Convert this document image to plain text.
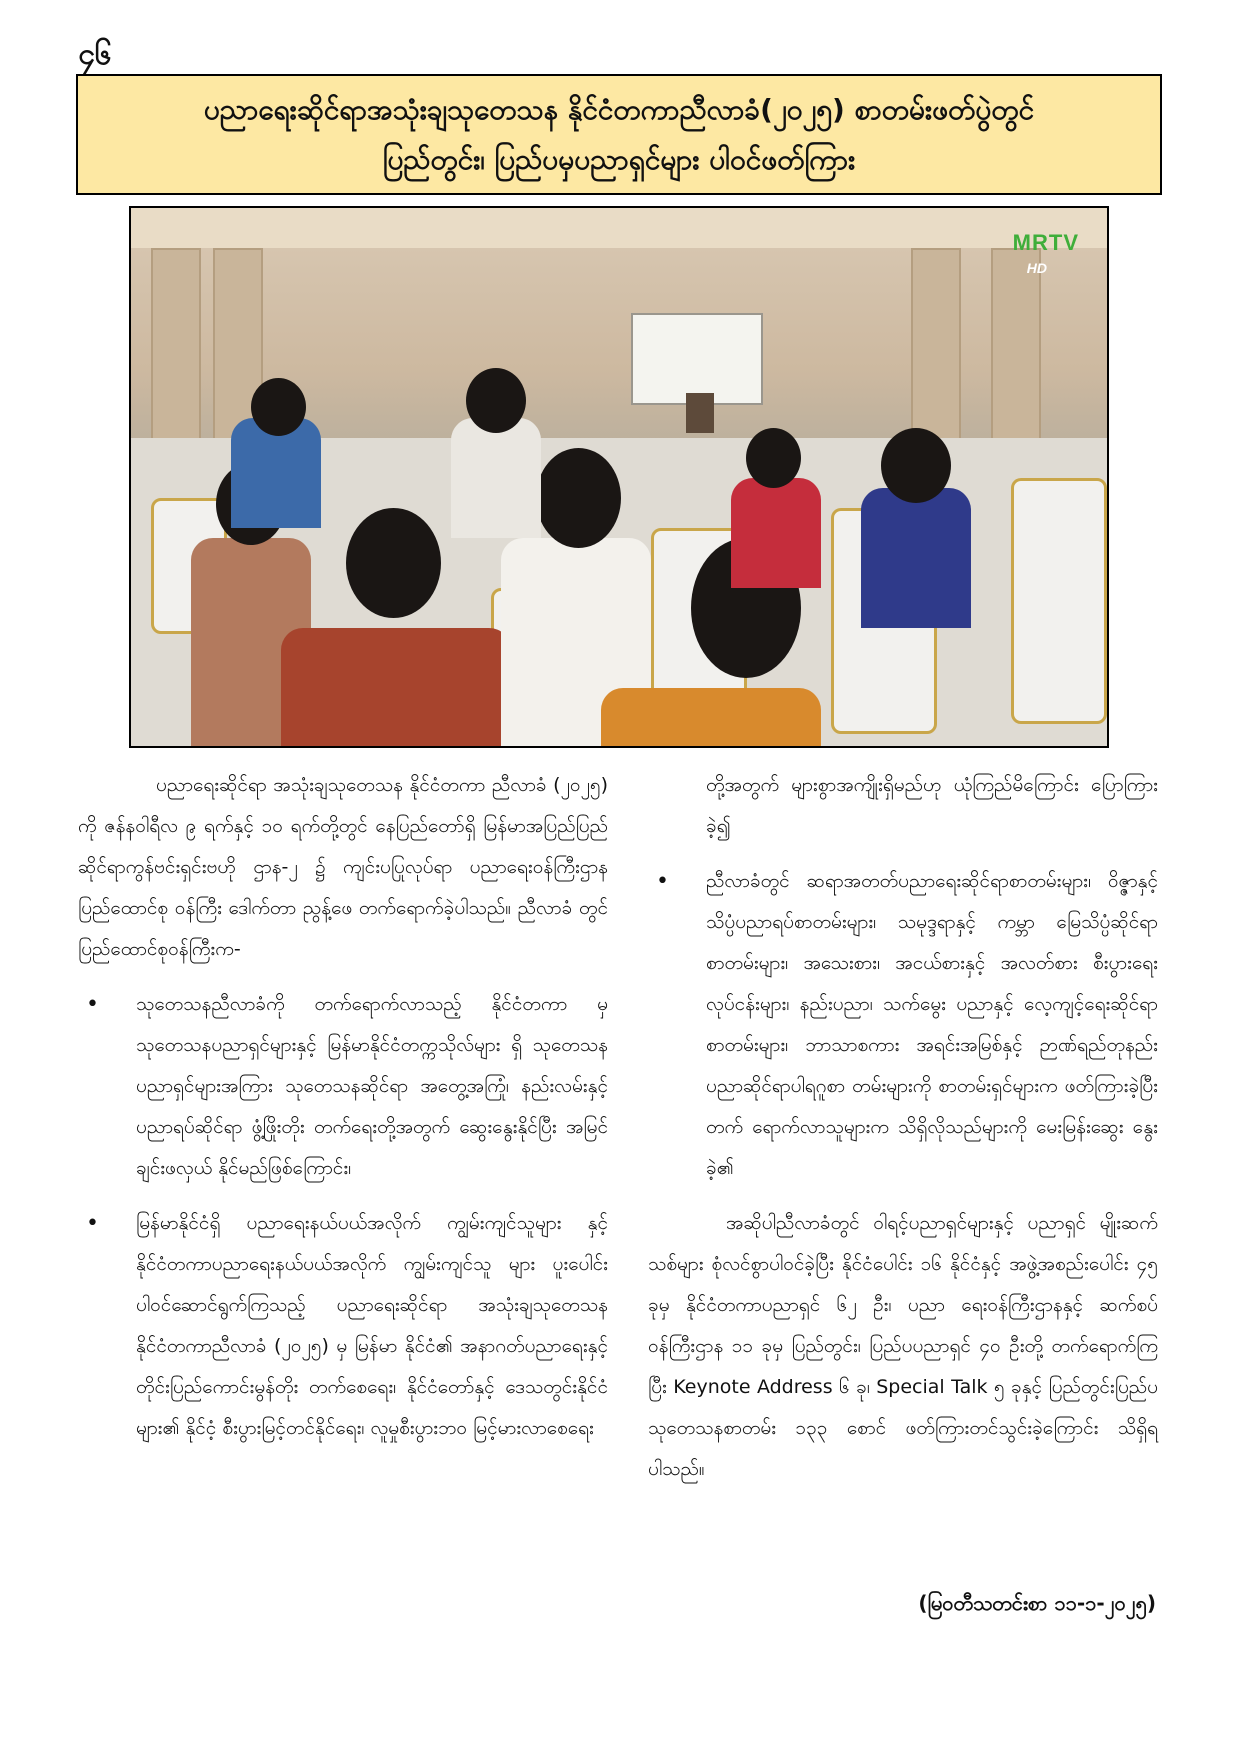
၄၆
ပညာရေးဆိုင်ရာအသုံးချသုတေသန နိုင်ငံတကာညီလာခံ(၂၀၂၅) စာတမ်းဖတ်ပွဲတွင်
ပြည်တွင်း၊ ပြည်ပမှပညာရှင်များ ပါဝင်ဖတ်ကြား
MRTV
HD

ပညာရေးဆိုင်ရာ အသုံးချသုတေသန နိုင်ငံတကာ ညီလာခံ (၂၀၂၅) ကို ဇန်နဝါရီလ ၉ ရက်နှင့် ၁၀ ရက်တို့တွင် နေပြည်တော်ရှိ မြန်မာအပြည်ပြည်ဆိုင်ရာကွန်ဗင်းရှင်းဗဟို ဌာန-၂ ၌ ကျင်းပပြုလုပ်ရာ ပညာရေးဝန်ကြီးဌာန ပြည်ထောင်စု ဝန်ကြီး ဒေါက်တာ ညွန့်ဖေ တက်ရောက်ခဲ့ပါသည်။ ညီလာခံ တွင် ပြည်ထောင်စုဝန်ကြီးက-

• သုတေသနညီလာခံကို တက်ရောက်လာသည့် နိုင်ငံတကာ မှ သုတေသနပညာရှင်များနှင့် မြန်မာနိုင်ငံတက္ကသိုလ်များ ရှိ သုတေသနပညာရှင်များအကြား သုတေသနဆိုင်ရာ အတွေ့အကြုံ၊ နည်းလမ်းနှင့် ပညာရပ်ဆိုင်ရာ ဖွံ့ဖြိုးတိုး တက်ရေးတို့အတွက် ဆွေးနွေးနိုင်ပြီး အမြင်ချင်းဖလှယ် နိုင်မည်ဖြစ်ကြောင်း၊

• မြန်မာနိုင်ငံရှိ ပညာရေးနယ်ပယ်အလိုက် ကျွမ်းကျင်သူများ နှင့် နိုင်ငံတကာပညာရေးနယ်ပယ်အလိုက် ကျွမ်းကျင်သူ များ ပူးပေါင်းပါဝင်ဆောင်ရွက်ကြသည့် ပညာရေးဆိုင်ရာ အသုံးချသုတေသနနိုင်ငံတကာညီလာခံ (၂၀၂၅) မှ မြန်မာ နိုင်ငံ၏ အနာဂတ်ပညာရေးနှင့် တိုင်းပြည်ကောင်းမွန်တိုး တက်စေရေး၊ နိုင်ငံတော်နှင့် ဒေသတွင်းနိုင်ငံများ၏ နိုင်ငံ့ စီးပွားမြင့်တင်နိုင်ရေး၊ လူမှုစီးပွားဘဝ မြင့်မားလာစေရေး

တို့အတွက် များစွာအကျိုးရှိမည်ဟု ယုံကြည်မိကြောင်း ပြောကြားခဲ့၍

• ညီလာခံတွင် ဆရာအတတ်ပညာရေးဆိုင်ရာစာတမ်းများ၊ ဝိဇ္ဇာနှင့် သိပ္ပံပညာရပ်စာတမ်းများ၊ သမုဒ္ဒရာနှင့် ကမ္ဘာ မြေသိပ္ပံဆိုင်ရာစာတမ်းများ၊ အသေးစား၊ အငယ်စားနှင့် အလတ်စား စီးပွားရေးလုပ်ငန်းများ၊ နည်းပညာ၊ သက်မွေး ပညာနှင့် လေ့ကျင့်ရေးဆိုင်ရာစာတမ်းများ၊ ဘာသာစကား အရင်းအမြစ်နှင့် ဉာဏ်ရည်တုနည်းပညာဆိုင်ရာပါရဂူစာ တမ်းများကို စာတမ်းရှင်များက ဖတ်ကြားခဲ့ပြီး တက် ရောက်လာသူများက သိရှိလိုသည်များကို မေးမြန်းဆွေး နွေးခဲ့၏

အဆိုပါညီလာခံတွင် ဝါရင့်ပညာရှင်များနှင့် ပညာရှင် မျိုးဆက်သစ်များ စုံလင်စွာပါဝင်ခဲ့ပြီး နိုင်ငံပေါင်း ၁၆ နိုင်ငံနှင့် အဖွဲ့အစည်းပေါင်း ၄၅ ခုမှ နိုင်ငံတကာပညာရှင် ၆၂ ဦး၊ ပညာ ရေးဝန်ကြီးဌာနနှင့် ဆက်စပ်ဝန်ကြီးဌာန ၁၁ ခုမှ ပြည်တွင်း၊ ပြည်ပပညာရှင် ၄၀ ဦးတို့ တက်ရောက်ကြပြီး Keynote Address ၆ ခု၊ Special Talk ၅ ခုနှင့် ပြည်တွင်းပြည်ပသုတေသနစာတမ်း ၁၃၃ စောင် ဖတ်ကြားတင်သွင်းခဲ့ကြောင်း သိရှိရပါသည်။

(မြဝတီသတင်းစာ ၁၁-၁-၂၀၂၅)
